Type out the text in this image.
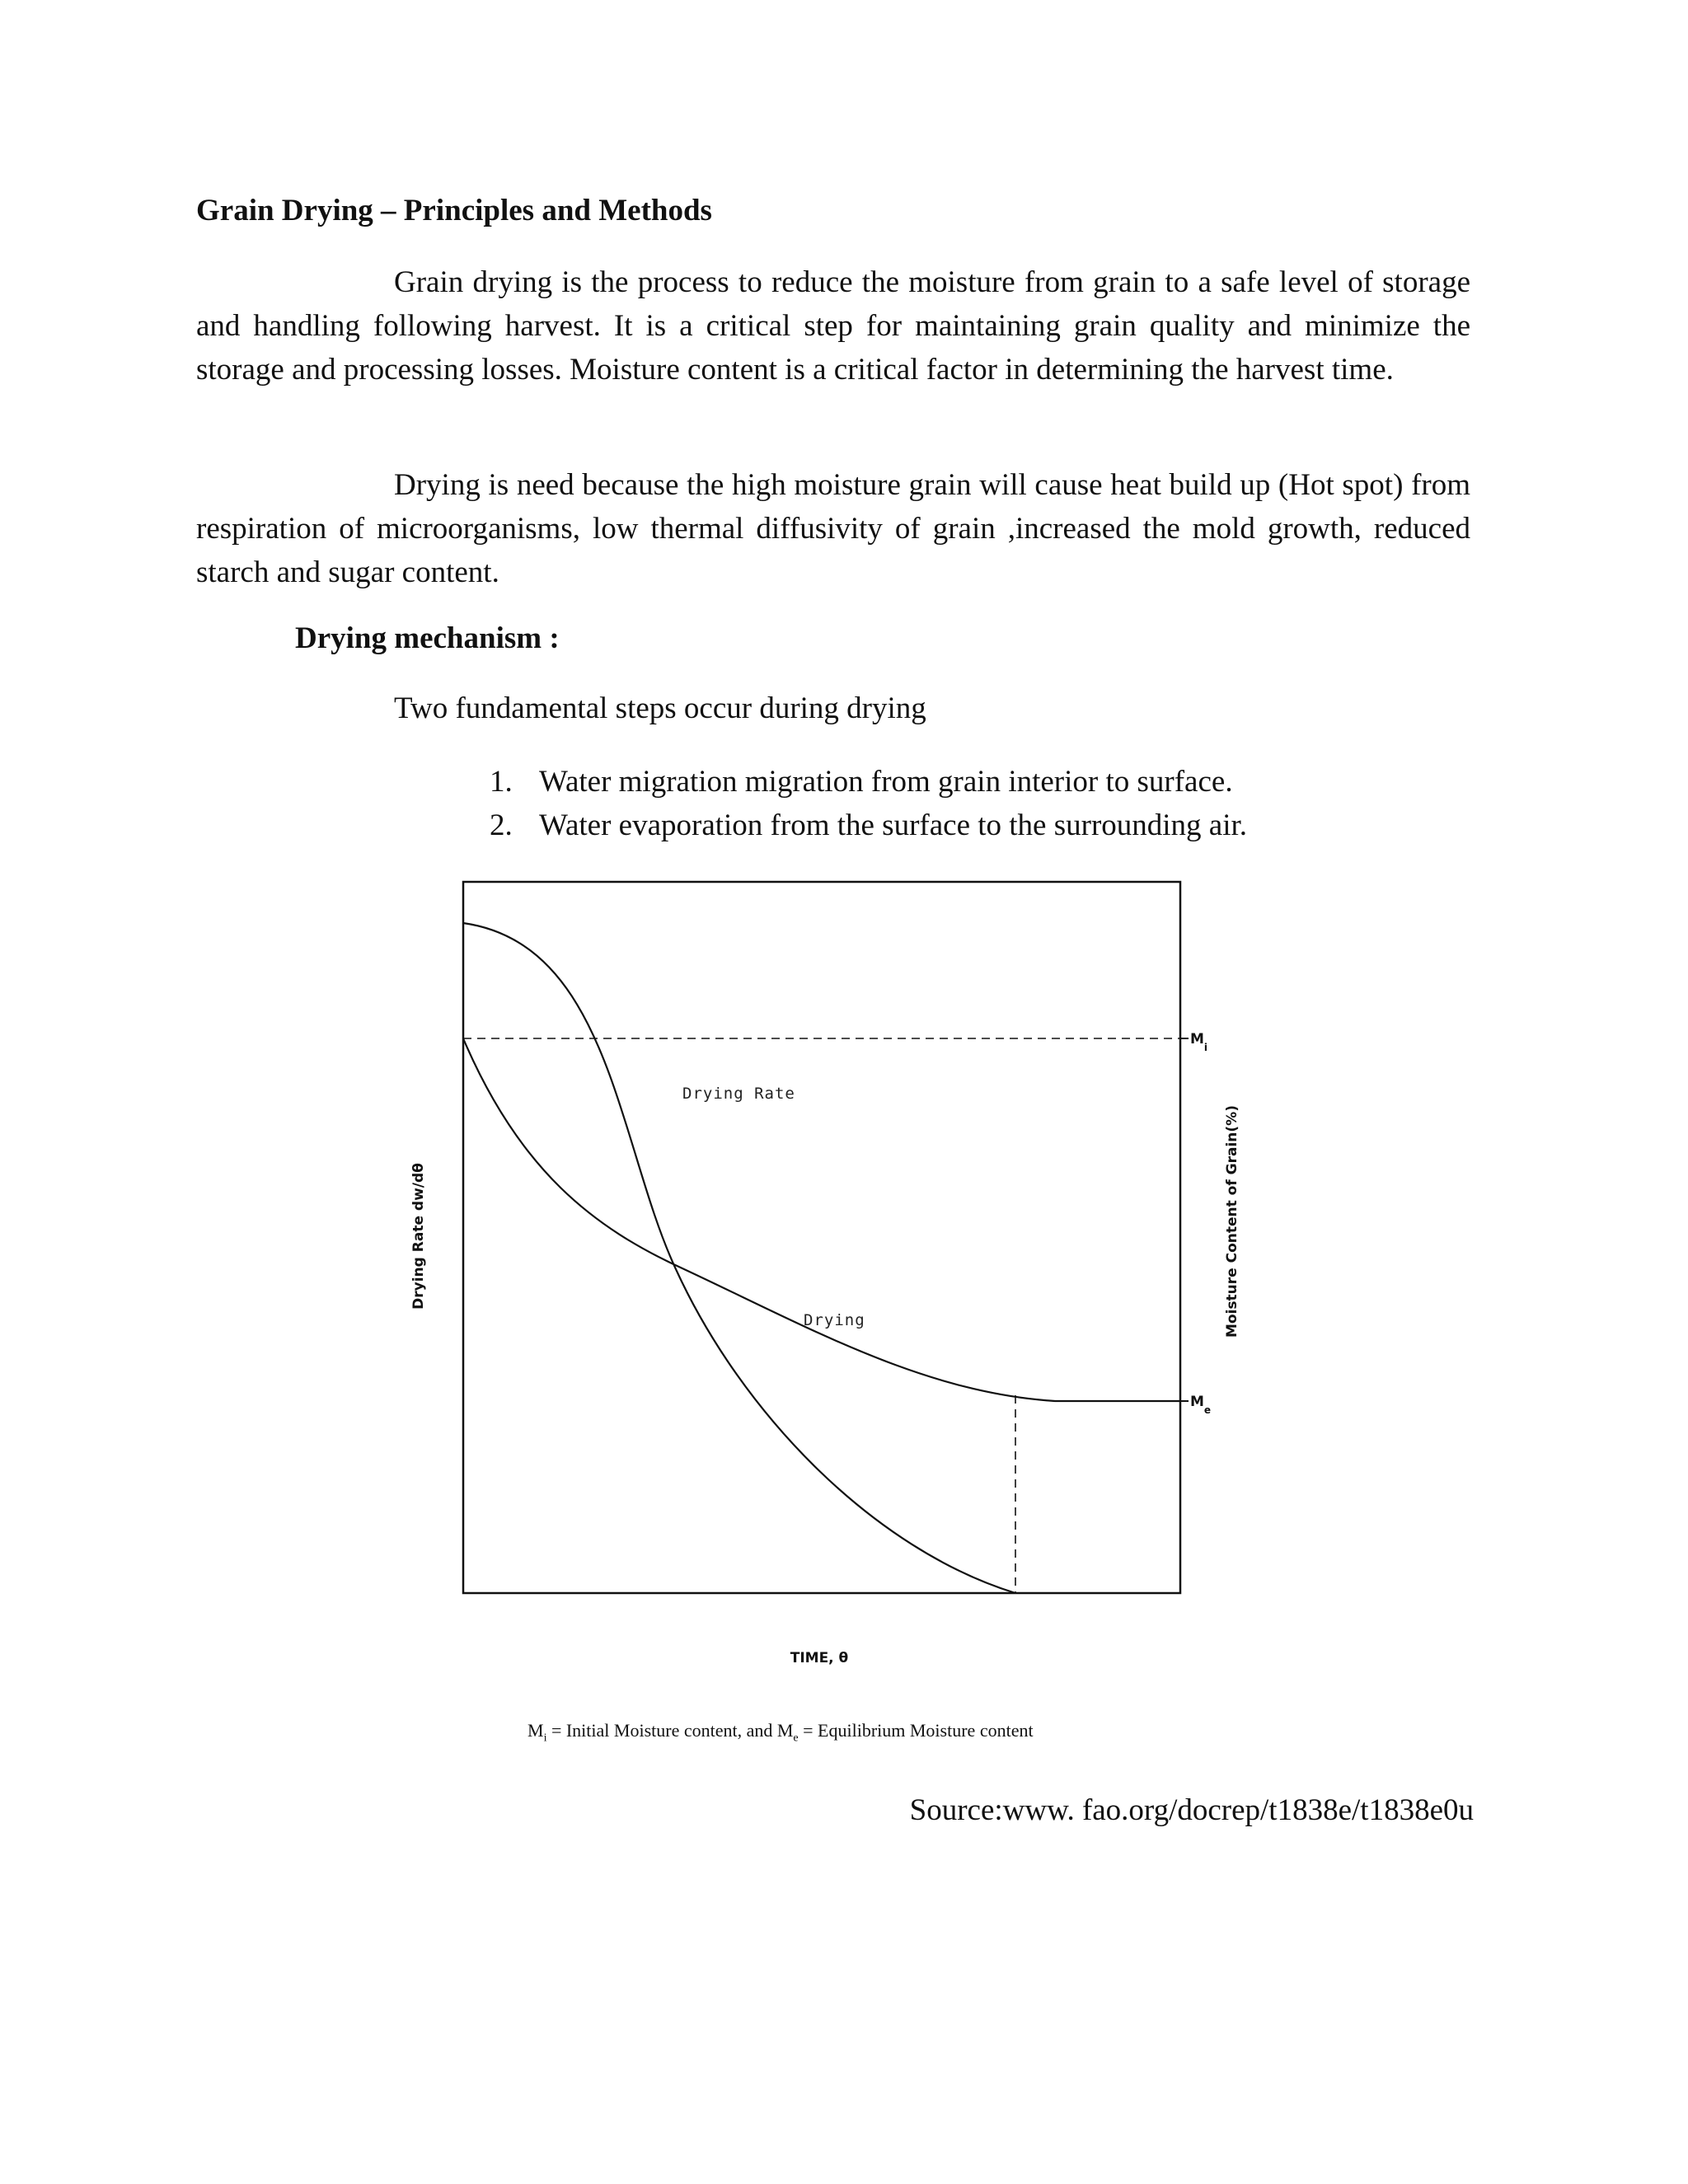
Grain Drying – Principles and Methods

Grain drying is the process to reduce the moisture from grain to a safe level of storage and handling following harvest. It is a critical step for maintaining grain quality and minimize the storage and processing losses. Moisture content is a critical factor in determining the harvest time.

Drying is need because the high moisture grain will cause heat build up (Hot spot) from respiration of microorganisms, low thermal diffusivity of grain ,increased the mold growth, reduced starch and sugar content.

Drying mechanism :
Two fundamental steps occur during drying
1. Water migration migration from grain interior to surface.
2. Water evaporation from the surface to the surrounding air.
$M_i$
$M_e$
Drying Rate
Drying
Drying Rate dw/dθ	Moisture Content of Grain(%)
TIME, θ
$M_i$ = Initial Moisture content, and $M_e$ = Equilibrium Moisture content
Source:www. fao.org/docrep/t1838e/t1838e0u
